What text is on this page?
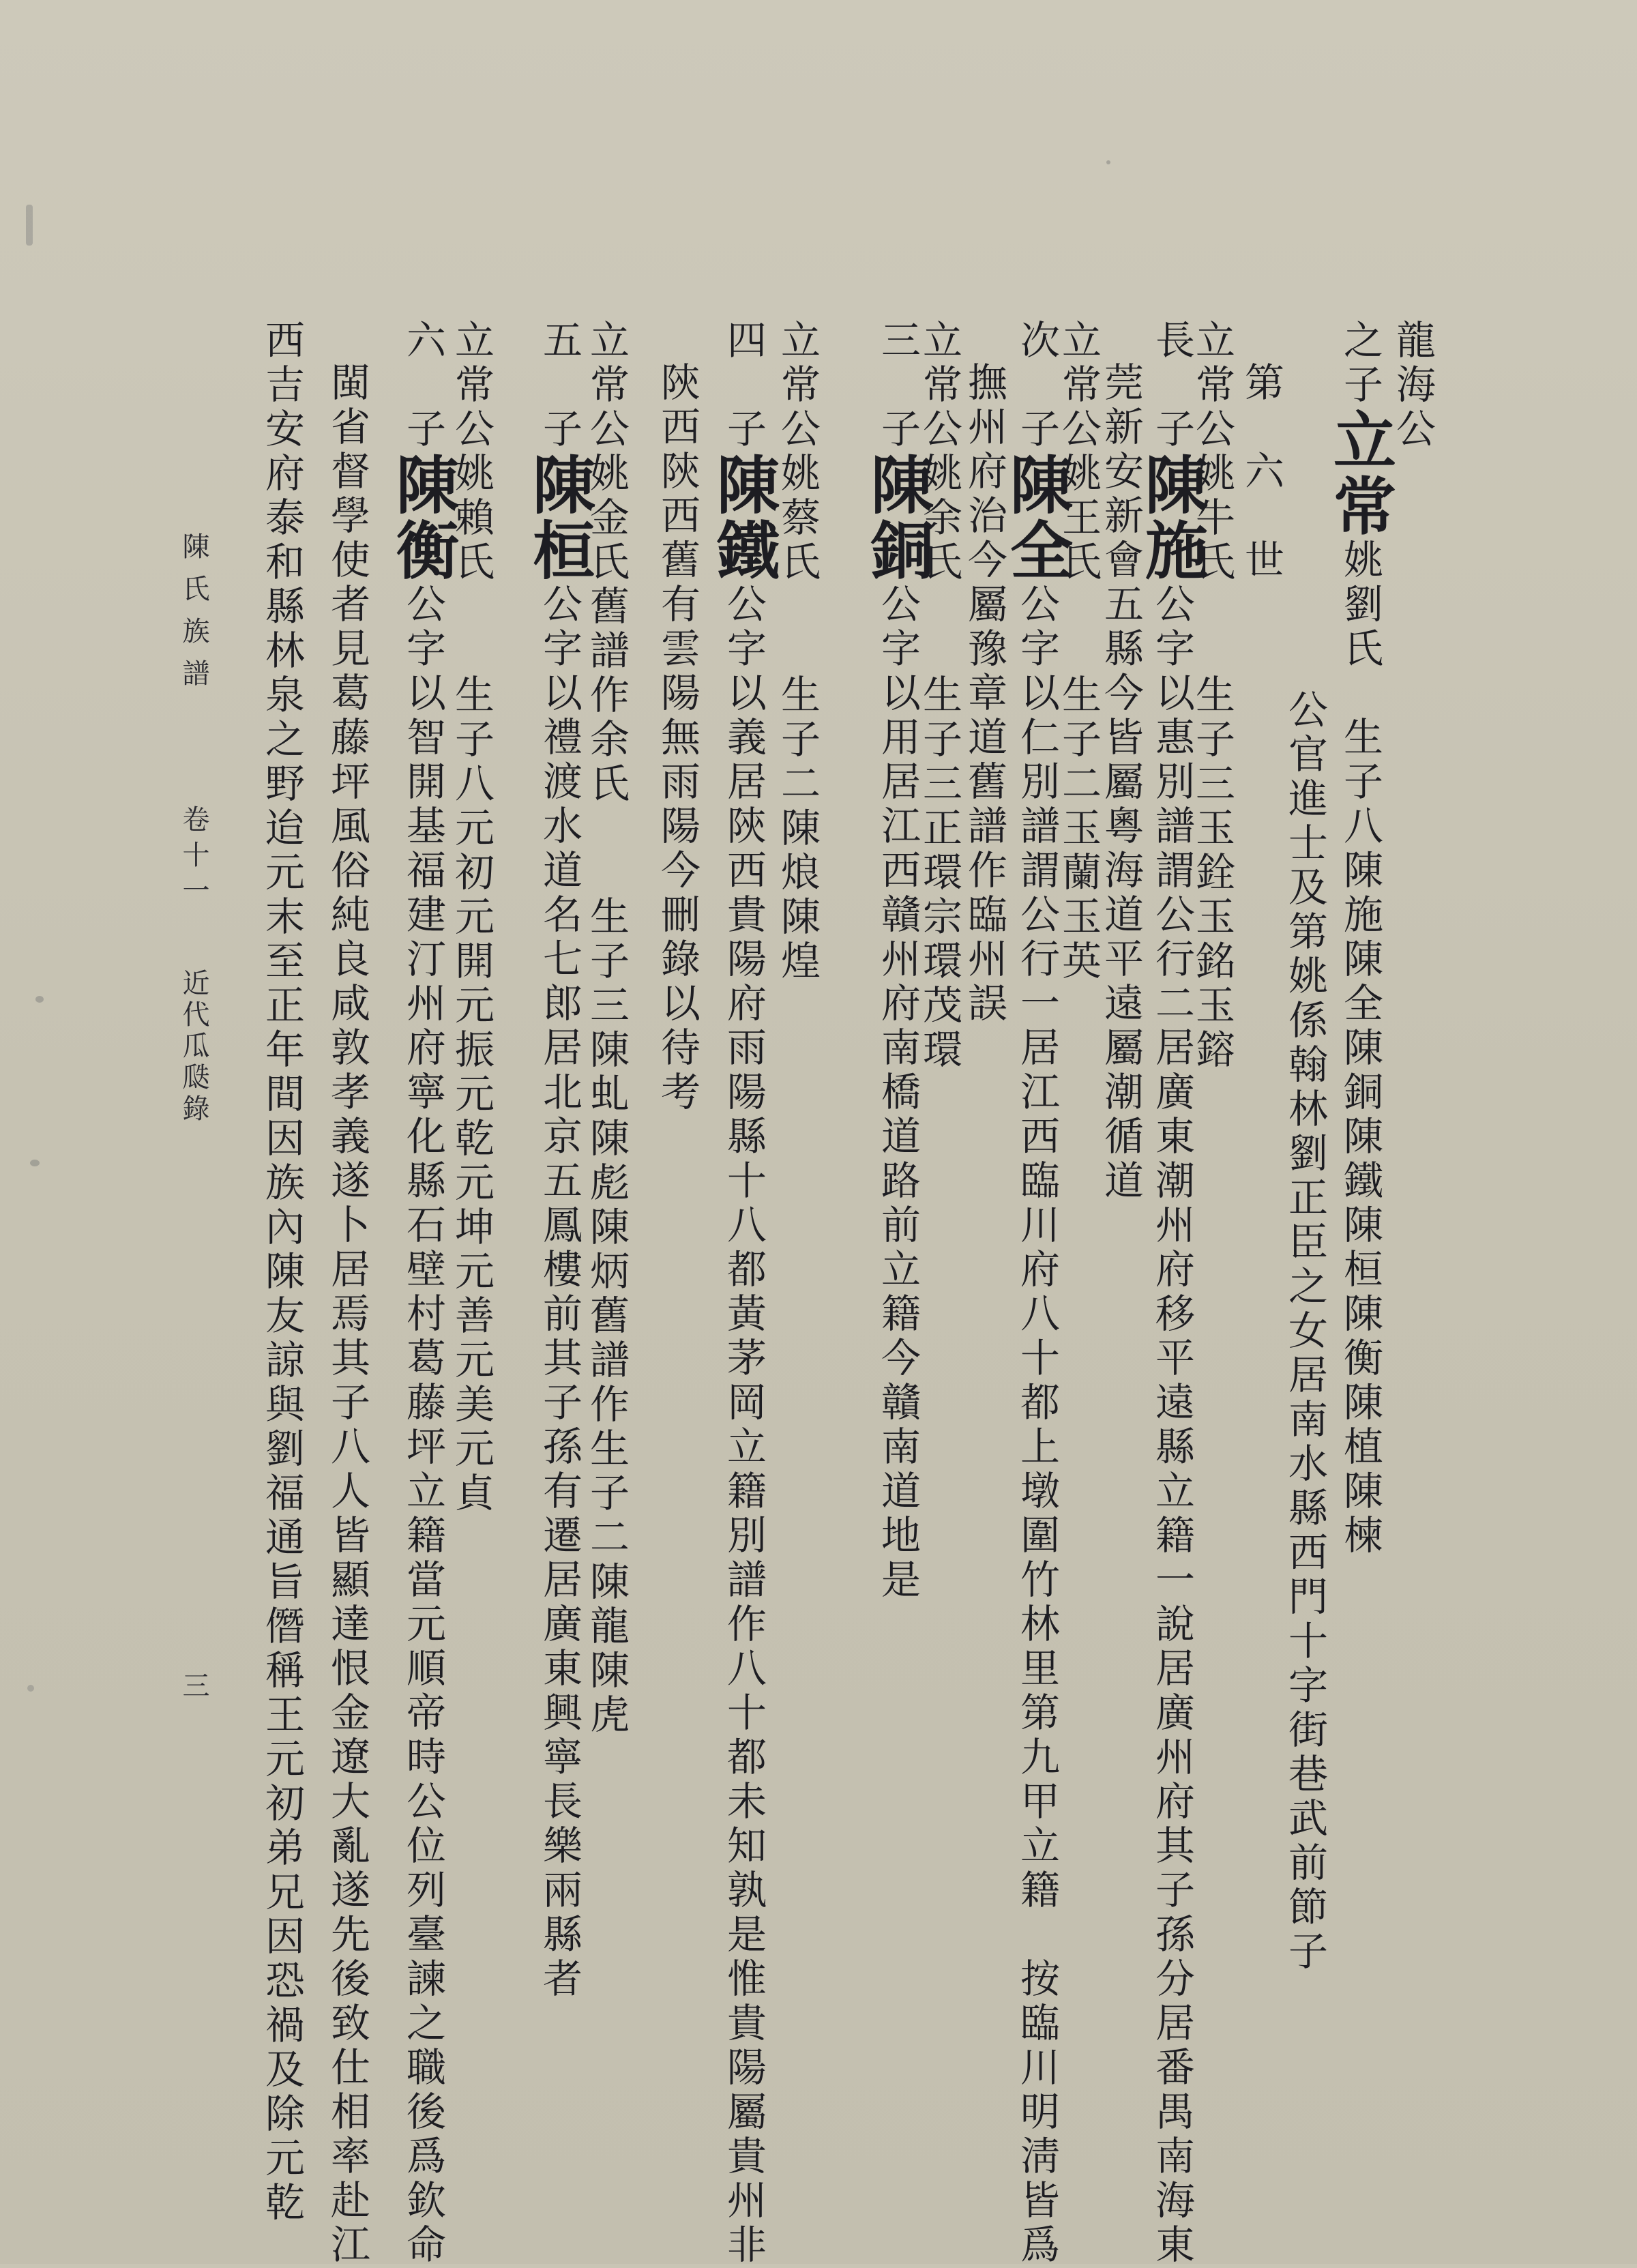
龍海公
之子立常姚劉氏　生子八陳施陳全陳銅陳鐵陳桓陳衡陳植陳楝
公官進士及第姚係翰林劉正臣之女居南水縣西門十字街巷武前節子
第　六　世
立常公姚牛氏　　生子三玉銓玉銘玉鎔
長　子陳施公字以惠別譜謂公行二居廣東潮州府移平遠縣立籍一說居廣州府其子孫分居番禺南海東
莞新安新會五縣今皆屬粵海道平遠屬潮循道
立常公姚王氏　　生子二玉蘭玉英
次　子陳全公字以仁別譜謂公行一居江西臨川府八十都上墩圍竹林里第九甲立籍　按臨川明淸皆爲
撫州府治今屬豫章道舊譜作臨州誤
立常公姚余氏　　生子三正環宗環茂環
三　子陳銅公字以用居江西贛州府南橋道路前立籍今贛南道地是
立常公姚蔡氏　　生子二陳烺陳煌
四　子陳鐵公字以義居陝西貴陽府雨陽縣十八都黃茅岡立籍別譜作八十都未知孰是惟貴陽屬貴州非
陝西陝西舊有雲陽無雨陽今刪錄以待考
立常公姚金氏舊譜作余氏　　生子三陳虬陳彪陳炳舊譜作生子二陳龍陳虎
五　子陳桓公字以禮渡水道名七郎居北京五鳳樓前其子孫有遷居廣東興寧長樂兩縣者
立常公姚賴氏　　生子八元初元開元振元乾元坤元善元美元貞
六　子陳衡公字以智開基福建汀州府寧化縣石壁村葛藤坪立籍當元順帝時公位列臺諫之職後爲欽命
閩省督學使者見葛藤坪風俗純良咸敦孝義遂卜居焉其子八人皆顯達恨金遼大亂遂先後致仕相率赴江
西吉安府泰和縣林泉之野迨元末至正年間因族內陳友諒與劉福通旨僭稱王元初弟兄因恐禍及除元乾
陳氏族譜
卷十一
近代瓜瓞錄
三
